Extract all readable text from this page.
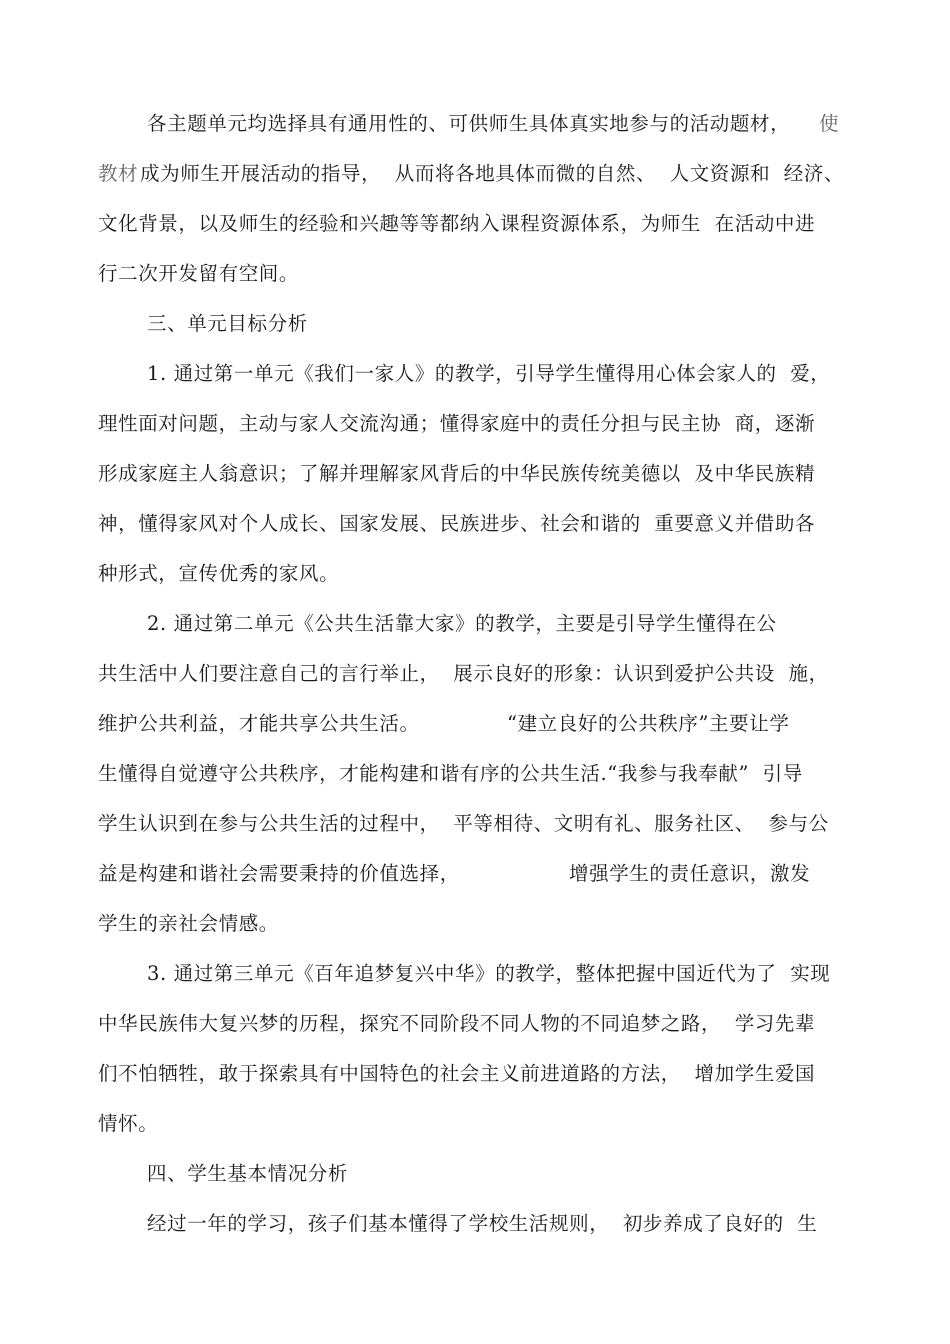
各主题单元均选择具有通用性的、可供师生具体真实地参与的活动题材， 使
教材 成为师生开展活动的指导，  从而将各地具体而微的自然、  人文资源和  经济、
文化背景，以及师生的经验和兴趣等等都纳入课程资源体系，为师生  在活动中进
行二次开发留有空间。
三、单元目标分析
1. 通过第一单元《我们一家人》的教学，引导学生懂得用心体会家人的  爱，
理性面对问题，主动与家人交流沟通；懂得家庭中的责任分担与民主协  商，逐渐
形成家庭主人翁意识；了解并理解家风背后的中华民族传统美德以  及中华民族精
神，懂得家风对个人成长、国家发展、民族进步、社会和谐的  重要意义并借助各
种形式，宣传优秀的家风。
2. 通过第二单元《公共生活靠大家》的教学，主要是引导学生懂得在公
共生活中人们要注意自己的言行举止，  展示良好的形象：认识到爱护公共设  施，
维护公共利益，才能共享公共生活。	“建立良好的公共秩序”主要让学
生懂得自觉遵守公共秩序，才能构建和谐有序的公共生活.“我参与我奉献”  引导
学生认识到在参与公共生活的过程中，  平等相待、文明有礼、服务社区、  参与公
益是构建和谐社会需要秉持的价值选择，	增强学生的责任意识，激发
学生的亲社会情感。
3. 通过第三单元《百年追梦复兴中华》的教学，整体把握中国近代为了  实现
中华民族伟大复兴梦的历程，探究不同阶段不同人物的不同追梦之路，  学习先辈
们不怕牺牲，敢于探索具有中国特色的社会主义前进道路的方法，  增加学生爱国
情怀。
四、学生基本情况分析
经过一年的学习，孩子们基本懂得了学校生活规则，  初步养成了良好的  生
